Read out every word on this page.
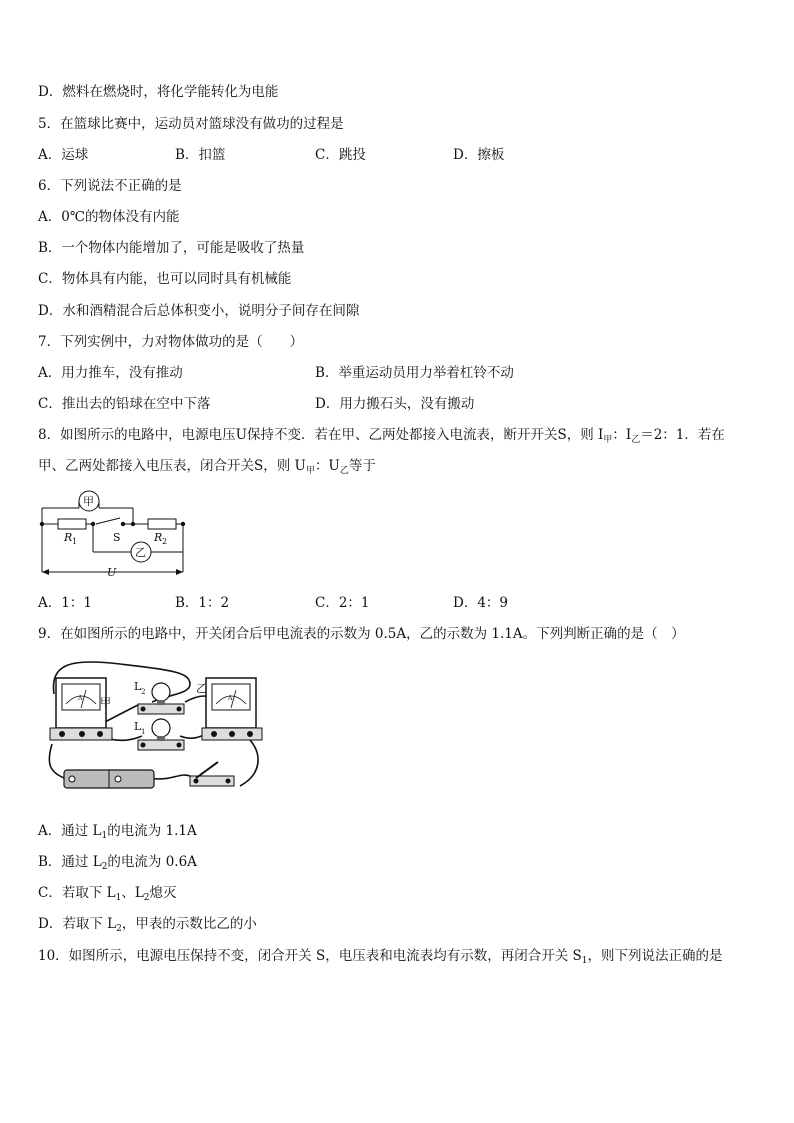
D．燃料在燃烧时，将化学能转化为电能
5．在篮球比赛中，运动员对篮球没有做功的过程是
A．运球	B．扣篮	C．跳投	D．擦板
6．下列说法不正确的是
A．0℃的物体没有内能
B．一个物体内能增加了，可能是吸收了热量
C．物体具有内能，也可以同时具有机械能
D．水和酒精混合后总体积变小，说明分子间存在间隙
7．下列实例中，力对物体做功的是（　　）
A．用力推车，没有推动	B．举重运动员用力举着杠铃不动
C．推出去的铅球在空中下落	D．用力搬石头，没有搬动
8．如图所示的电路中，电源电压U保持不变．若在甲、乙两处都接入电流表，断开开关S，则 $I_甲$：$I_乙=2$：1．若在
甲、乙两处都接入电压表，闭合开关S，则 $U_甲$：$U_乙$等于
甲
乙
S
R 1	R 2
U
A．1：1	B．1：2	C．2：1	D．4：9
9．在如图所示的电路中，开关闭合后甲电流表的示数为 0.5A，乙的示数为 1.1A。下列判断正确的是（　）
甲
A
乙
A
L 2
L 1
A．通过 $L_1$的电流为 1.1A
B．通过 $L_2$的电流为 0.6A
C．若取下 $L_1$、$L_2$熄灭
D．若取下 $L_2$，甲表的示数比乙的小
10．如图所示，电源电压保持不变，闭合开关 S，电压表和电流表均有示数，再闭合开关 $S_1$，则下列说法正确的是
